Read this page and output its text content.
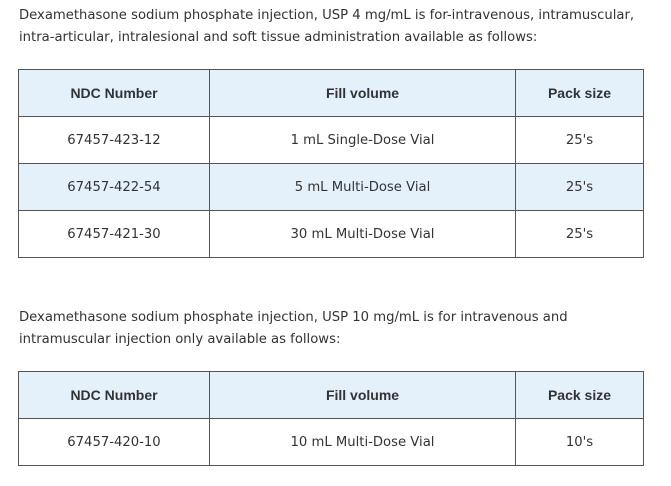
Dexamethasone sodium phosphate injection, USP 4 mg/mL is for-intravenous, intramuscular, intra-articular, intralesional and soft tissue administration available as follows:

NDC Number	Fill volume	Pack size
67457-423-12	1 mL Single-Dose Vial	25's
67457-422-54	5 mL Multi-Dose Vial	25's
67457-421-30	30 mL Multi-Dose Vial	25's

Dexamethasone sodium phosphate injection, USP 10 mg/mL is for intravenous and intramuscular injection only available as follows:

NDC Number	Fill volume	Pack size
67457-420-10	10 mL Multi-Dose Vial	10's
